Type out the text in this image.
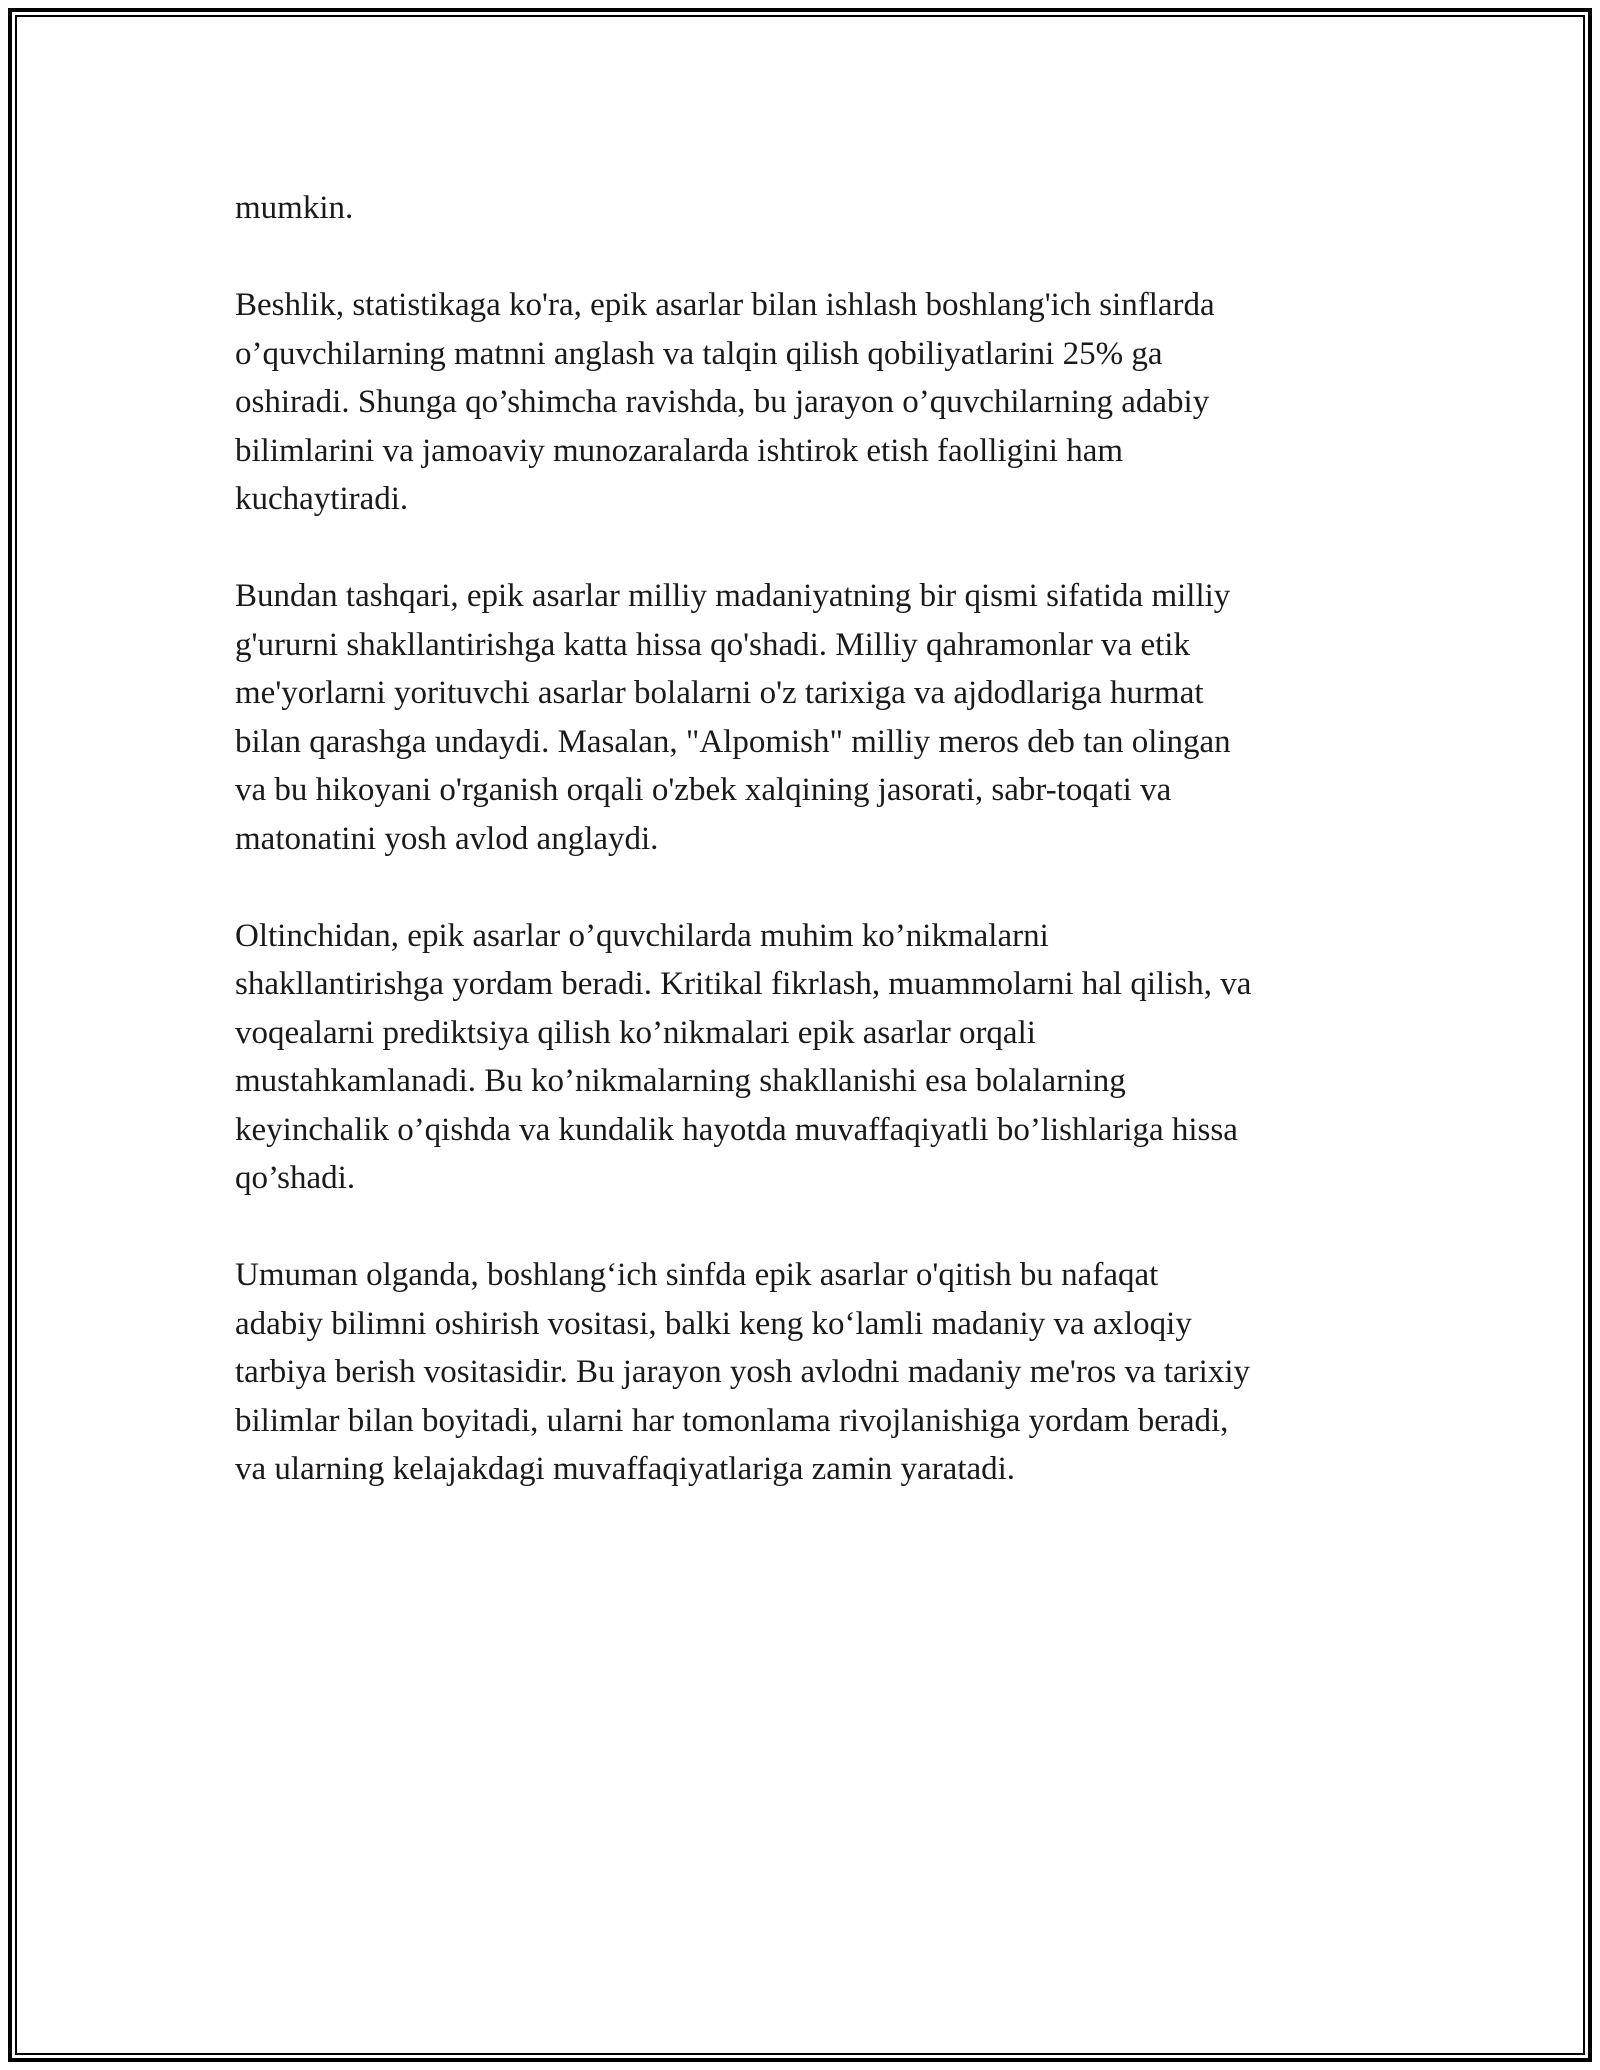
mumkin.

Beshlik, statistikaga ko'ra, epik asarlar bilan ishlash boshlang'ich sinflarda
o’quvchilarning matnni anglash va talqin qilish qobiliyatlarini 25% ga
oshiradi. Shunga qo’shimcha ravishda, bu jarayon o’quvchilarning adabiy
bilimlarini va jamoaviy munozaralarda ishtirok etish faolligini ham
kuchaytiradi.

Bundan tashqari, epik asarlar milliy madaniyatning bir qismi sifatida milliy
g'ururni shakllantirishga katta hissa qo'shadi. Milliy qahramonlar va etik
me'yorlarni yorituvchi asarlar bolalarni o'z tarixiga va ajdodlariga hurmat
bilan qarashga undaydi. Masalan, "Alpomish" milliy meros deb tan olingan
va bu hikoyani o'rganish orqali o'zbek xalqining jasorati, sabr-toqati va
matonatini yosh avlod anglaydi.

Oltinchidan, epik asarlar o’quvchilarda muhim ko’nikmalarni
shakllantirishga yordam beradi. Kritikal fikrlash, muammolarni hal qilish, va
voqealarni prediktsiya qilish ko’nikmalari epik asarlar orqali
mustahkamlanadi. Bu ko’nikmalarning shakllanishi esa bolalarning
keyinchalik o’qishda va kundalik hayotda muvaffaqiyatli bo’lishlariga hissa
qo’shadi.

Umuman olganda, boshlang‘ich sinfda epik asarlar o'qitish bu nafaqat
adabiy bilimni oshirish vositasi, balki keng ko‘lamli madaniy va axloqiy
tarbiya berish vositasidir. Bu jarayon yosh avlodni madaniy me'ros va tarixiy
bilimlar bilan boyitadi, ularni har tomonlama rivojlanishiga yordam beradi,
va ularning kelajakdagi muvaffaqiyatlariga zamin yaratadi.
